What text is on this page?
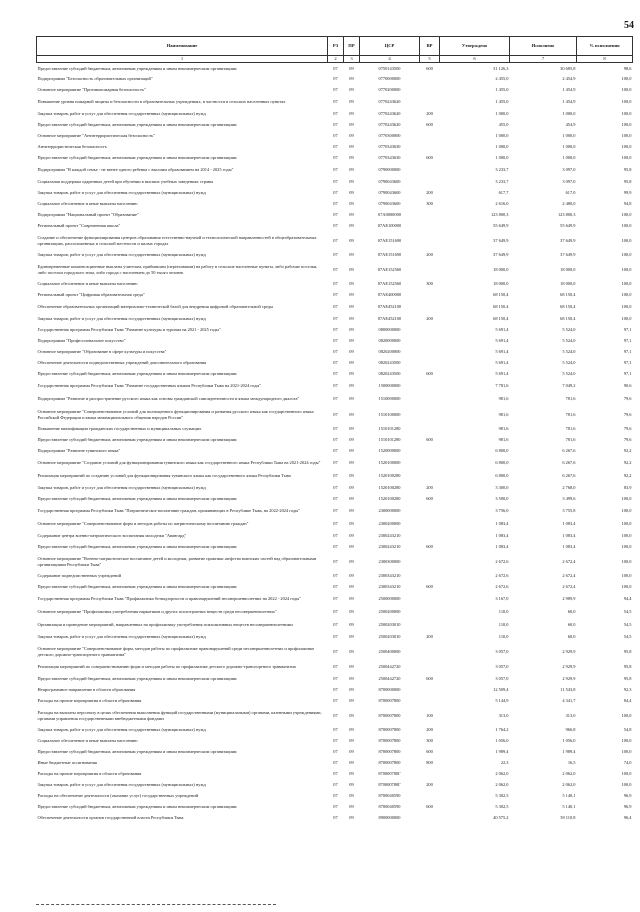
54
Наименование	РЗ	ПР	ЦСР	ВР	Утверждено	Исполнено	% исполнения
1	2	3	4	5	6	7	8
Предоставление субсидий бюджетным, автономным учреждениям и иным некоммерческим организациям	07	09	0750143500	600	31 126,3	30 685,8	98,6
Подпрограмма "Безопасность образовательных организаций"	07	09	0770000000		2 455,0	2 454,9	100,0
Основное мероприятие "Противопожарная безопасность"	07	09	0770200000		1 455,0	1 454,9	100,0
Повышение уровня пожарной защиты и безопасности в образовательных учреждениях, в частности в сельских населенных пунктах	07	09	0770243620		1 455,0	1 454,9	100,0
Закупка товаров, работ и услуг для обеспечения государственных (муниципальных) нужд	07	09	0770243620	200	1 000,0	1 000,0	100,0
Предоставление субсидий бюджетным, автономным учреждениям и иным некоммерческим организациям	07	09	0770243620	600	455,0	454,9	100,0
Основное мероприятие "Антитеррористическая безопасность"	07	09	0770300000		1 000,0	1 000,0	100,0
Антитеррористическая безопасность	07	09	0770343630		1 000,0	1 000,0	100,0
Предоставление субсидий бюджетным, автономным учреждениям и иным некоммерческим организациям	07	09	0770343630	600	1 000,0	1 000,0	100,0
Подпрограмма "В каждой семье - не менее одного ребенка с высшим образованием на 2014 - 2025 годы"	07	09	0790000000		3 233,7	3 097,0	95,8
Социальная поддержка одаренных детей при обучении в высших учебных заведениях страны	07	09	0790043600		3 233,7	3 097,0	95,8
Закупка товаров, работ и услуг для обеспечения государственных (муниципальных) нужд	07	09	0790043600	200	617,7	617,0	99,9
Социальное обеспечение и иные выплаты населению	07	09	0790043600	300	2 616,0	2 480,0	94,8
Подпрограмма "Национальный проект "Образование"	07	09	07A0000000		123 800,3	123 800,3	100,0
Региональный проект "Современная школа"	07	09	07AE100000		55 649,9	55 649,9	100,0
Создание и обеспечение функционирования центров образования естественно-научной и технологической направленностей в общеобразовательных организациях, расположенных в сельской местности и малых городах	07	09	07AE151690		37 649,9	37 649,9	100,0
Закупка товаров, работ и услуг для обеспечения государственных (муниципальных) нужд	07	09	07AE151690	200	37 649,9	37 649,9	100,0
Единовременные компенсационные выплаты учителям, прибывшим (переехавшим) на работу в сельские населенные пункты, либо рабочие поселки, либо поселки городского типа, либо города с населением до 50 тысяч человек	07	09	07AE152560		18 000,0	18 000,0	100,0
Социальное обеспечение и иные выплаты населению	07	09	07AE152560	300	18 000,0	18 000,0	100,0
Региональный проект "Цифровая образовательная среда"	07	09	07AE400000		68 150,4	68 150,4	100,0
Обеспечение образовательных организаций материально-технической базой для внедрения цифровой образовательной среды	07	09	07AE452100		68 150,4	68 150,4	100,0
Закупка товаров, работ и услуг для обеспечения государственных (муниципальных) нужд	07	09	07AE452100	200	68 150,4	68 150,4	100,0
Государственная программа Республики Тыва "Развитие культуры и туризма на 2021 - 2025 годы"	07	09	0800000000		5 691,4	5 524,0	97,1
Подпрограмма "Профессиональное искусство"	07	09	0820000000		5 691,4	5 524,0	97,1
Основное мероприятие "Образование в сфере культуры и искусства"	07	09	0820200000		5 691,4	5 524,0	97,1
Обеспечение деятельности подведомственных учреждений дополнительного образования	07	09	0820243500		5 691,4	5 524,0	97,1
Предоставление субсидий бюджетным, автономным учреждениям и иным некоммерческим организациям	07	09	0820243500	600	5 691,4	5 524,0	97,1
Государственная программа Республики Тыва "Развитие государственных языков Республики Тыва на 2021-2024 годы"	07	09	1500000000		7 781,6	7 049,2	90,6
Подпрограмма "Развитие и распространение русского языка как основы гражданской самоидентичности и языка международного диалога"	07	09	1510000000		981,6	781,6	79,6
Основное мероприятие "Совершенствование условий для полноценного функционирования и развития русского языка как государственного языка Российской Федерации и языка межнационального общения народов России"	07	09	1510100000		981,6	781,6	79,6
Повышение квалификации гражданских государственных и муниципальных служащих	07	09	1510101280		981,6	781,6	79,6
Предоставление субсидий бюджетным, автономным учреждениям и иным некоммерческим организациям	07	09	1510101280	600	981,6	781,6	79,6
Подпрограмма "Развитие тувинского языка"	07	09	1520000000		6 800,0	6 267,6	92,2
Основное мероприятие "Создание условий для функционирования тувинского языка как государственного языка Республики Тыва на 2021-2024 годы"	07	09	1520100000		6 800,0	6 267,6	92,2
Реализация мероприятий по созданию условий для функционирования тувинского языка как государственного языка Республики Тыва	07	09	1520100280		6 800,0	6 267,6	92,2
Закупка товаров, работ и услуг для обеспечения государственных (муниципальных) нужд	07	09	1520100280	200	3 300,0	2 768,0	83,9
Предоставление субсидий бюджетным, автономным учреждениям и иным некоммерческим организациям	07	09	1520100280	600	3 500,0	3 499,6	100,0
Государственная программа Республики Тыва "Патриотическое воспитание граждан, проживающих в Республике Тыва, на 2022-2024 годы"	07	09	2300000000		3 756,0	3 755,8	100,0
Основное мероприятие "Совершенствование форм и методов работы по патриотическому воспитанию граждан"	07	09	2300200000		1 083,4	1 083,4	100,0
Содержание центра военно-патриотического воспитания молодежи "Авангард"	07	09	2300243210		1 083,4	1 083,4	100,0
Предоставление субсидий бюджетным, автономным учреждениям и иным некоммерческим организациям	07	09	2300243210	600	1 083,4	1 083,4	100,0
Основное мероприятие "Военно-патриотическое воспитание детей и молодежи, развитие практики шефства воинских частей над образовательными организациями Республики Тыва"	07	09	2300300000		2 672,6	2 672,4	100,0
Содержание подведомственных учреждений	07	09	2300343210		2 672,6	2 672,4	100,0
Предоставление субсидий бюджетным, автономным учреждениям и иным некоммерческим организациям	07	09	2300343210	600	2 672,6	2 672,4	100,0
Государственная программа Республики Тыва "Профилактика безнадзорности и правонарушений несовершеннолетних на 2022 - 2024 годы"	07	09	2500000000		3 167,0	2 989,9	94,4
Основное мероприятие "Профилактика употребления наркотиков и других психотропных веществ среди несовершеннолетних"	07	09	2500200000		110,0	60,0	54,5
Организация и проведение мероприятий, направленных на профилактику употребления психоактивных веществ несовершеннолетними	07	09	2500203010		110,0	60,0	54,5
Закупка товаров, работ и услуг для обеспечения государственных (муниципальных) нужд	07	09	2500203010	200	110,0	60,0	54,5
Основное мероприятие "Совершенствование форм, методов работы по профилактике правонарушений среди несовершеннолетних и профилактике детского дорожно-транспортного травматизма"	07	09	2500400000		3 057,0	2 929,9	95,8
Реализация мероприятий по совершенствованию форм и методов работы по профилактике детского дорожно-транспортного травматизма	07	09	2500442720		3 057,0	2 929,9	95,8
Предоставление субсидий бюджетным, автономным учреждениям и иным некоммерческим организациям	07	09	2500442720	600	3 057,0	2 929,9	95,8
Непрограммное направление в области образования	07	09	8700000000		12 509,4	11 543,8	92,3
Расходы на прочие мероприятия в области образования	07	09	8700007800		5 144,9	4 341,7	84,4
Расходы на выплаты персоналу в целях обеспечения выполнения функций государственными (муниципальными) органами, казенными учреждениями, органами управления государственными внебюджетными фондами	07	09	8700007800	100	313,0	313,0	100,0
Закупка товаров, работ и услуг для обеспечения государственных (муниципальных) нужд	07	09	8700007800	200	1 764,2	966,8	54,8
Социальное обеспечение и иные выплаты населению	07	09	8700007800	300	1 056,0	1 056,0	100,0
Предоставление субсидий бюджетным, автономным учреждениям и иным некоммерческим организациям	07	09	8700007800	600	1 989,4	1 989,4	100,0
Иные бюджетные ассигнования	07	09	8700007800	800	22,3	16,5	74,0
Расходы на прочие мероприятия в области образования	07	09	870000780Г		2 062,0	2 062,0	100,0
Закупка товаров, работ и услуг для обеспечения государственных (муниципальных) нужд	07	09	870000780Г	200	2 062,0	2 062,0	100,0
Расходы на обеспечение деятельности (оказание услуг) государственных учреждений	07	09	8700040590		5 302,5	5 140,1	96,9
Предоставление субсидий бюджетным, автономным учреждениям и иным некоммерческим организациям	07	09	8700040590	600	5 302,5	5 140,1	96,9
Обеспечение деятельности органов государственной власти Республики Тыва	07	09	8900000000		40 575,2	39 110,8	96,4
